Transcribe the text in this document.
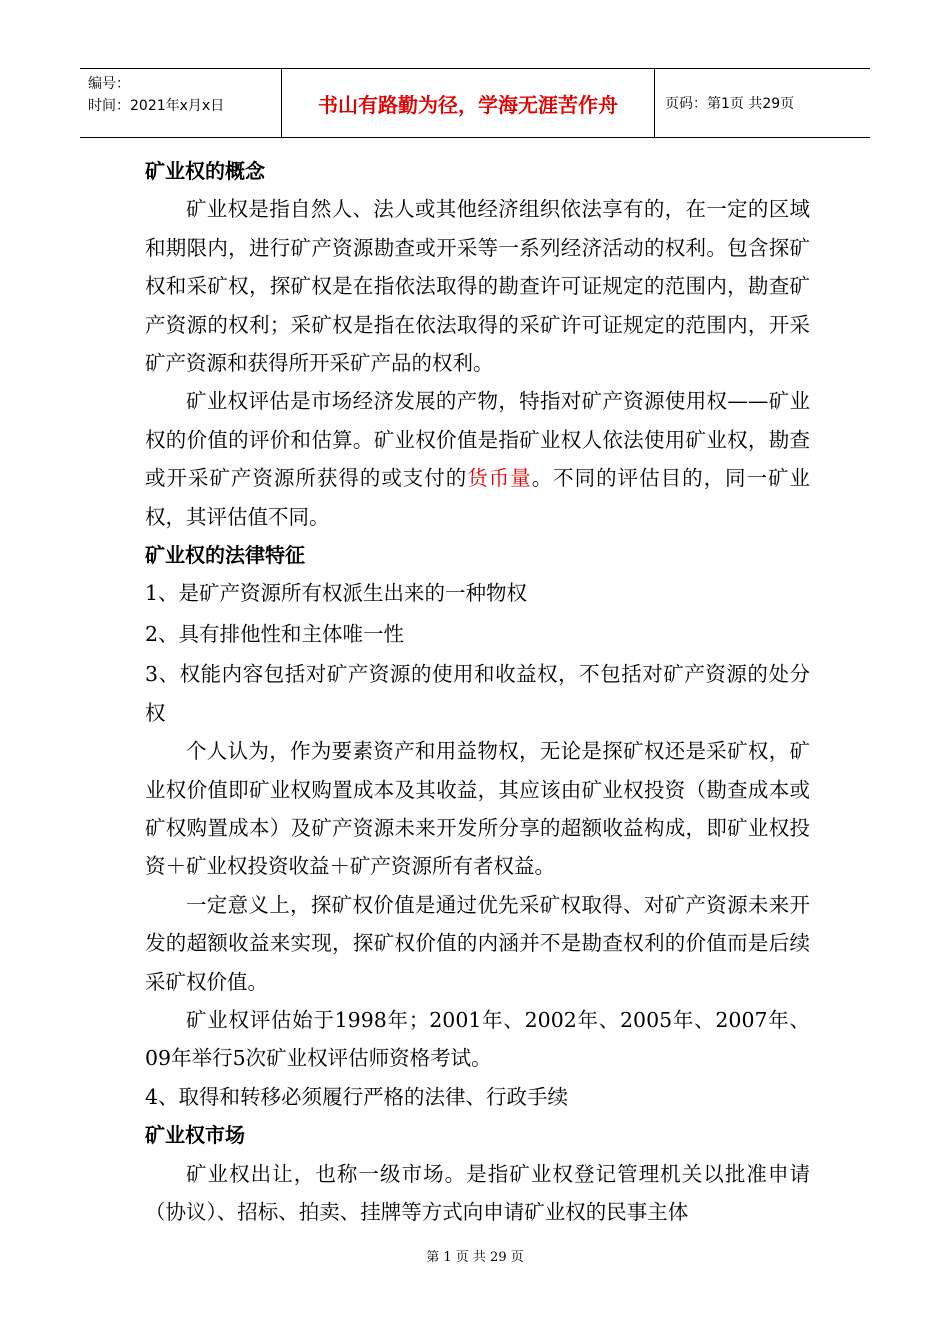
编号：
时间：2021年x月x日	书山有路勤为径，学海无涯苦作舟	页码：第1页 共29页

矿业权的概念

矿业权是指自然人、法人或其他经济组织依法享有的，在一定的区域和期限内，进行矿产资源勘查或开采等一系列经济活动的权利。包含探矿权和采矿权，探矿权是在指依法取得的勘查许可证规定的范围内，勘查矿产资源的权利；采矿权是指在依法取得的采矿许可证规定的范围内，开采矿产资源和获得所开采矿产品的权利。

矿业权评估是市场经济发展的产物，特指对矿产资源使用权——矿业权的价值的评价和估算。矿业权价值是指矿业权人依法使用矿业权，勘查或开采矿产资源所获得的或支付的货币量。不同的评估目的，同一矿业权，其评估值不同。

矿业权的法律特征

1、是矿产资源所有权派生出来的一种物权

2、具有排他性和主体唯一性

3、权能内容包括对矿产资源的使用和收益权，不包括对矿产资源的处分权

个人认为，作为要素资产和用益物权，无论是探矿权还是采矿权，矿业权价值即矿业权购置成本及其收益，其应该由矿业权投资（勘查成本或矿权购置成本）及矿产资源未来开发所分享的超额收益构成，即矿业权投资＋矿业权投资收益＋矿产资源所有者权益。

一定意义上，探矿权价值是通过优先采矿权取得、对矿产资源未来开发的超额收益来实现，探矿权价值的内涵并不是勘查权利的价值而是后续采矿权价值。

矿业权评估始于1998年；2001年、2002年、2005年、2007年、09年举行5次矿业权评估师资格考试。

4、取得和转移必须履行严格的法律、行政手续

矿业权市场

矿业权出让，也称一级市场。是指矿业权登记管理机关以批准申请（协议）、招标、拍卖、挂牌等方式向申请矿业权的民事主体

第 1 页 共 29 页
